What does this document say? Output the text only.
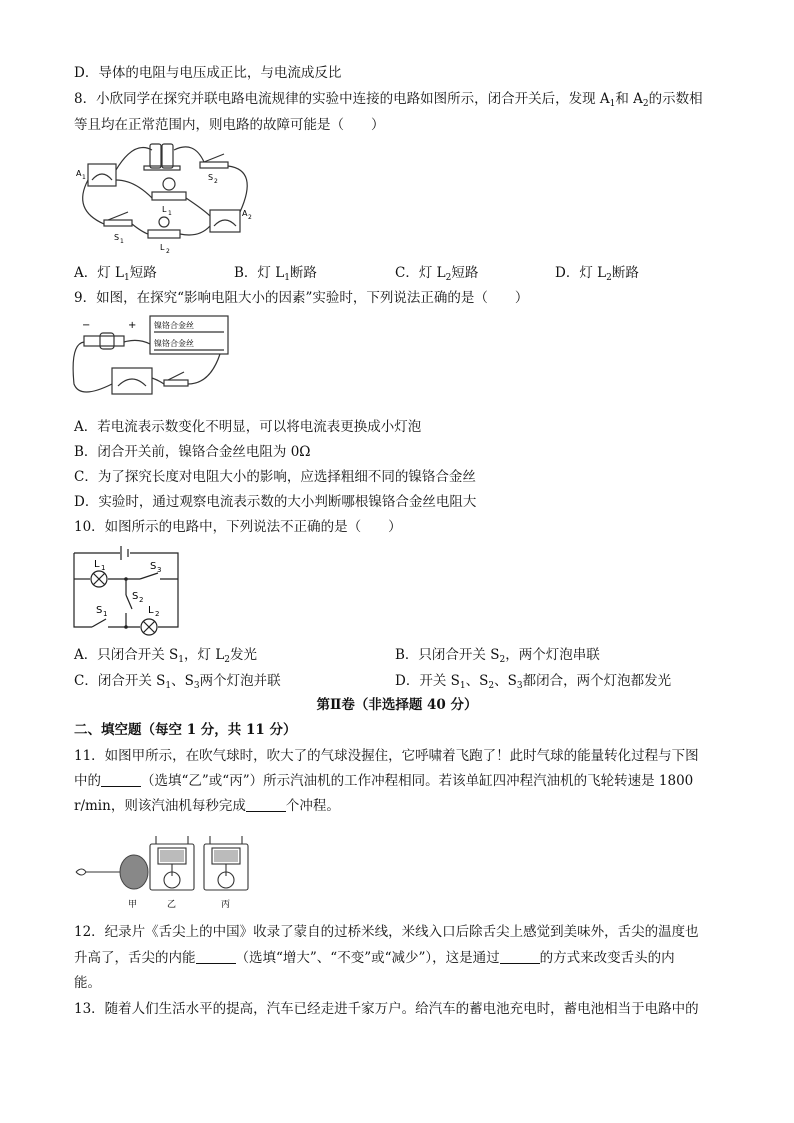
D．导体的电阻与电压成正比，与电流成反比
8．小欣同学在探究并联电路电流规律的实验中连接的电路如图所示，闭合开关后，发现 $A_1$和 $A_2$的示数相
等且均在正常范围内，则电路的故障可能是（　　）
A 1
A 2
S 2
L 1
S 1
L 2
A．灯 $L_1$短路	B．灯 $L_1$断路	C．灯 $L_2$短路	D．灯 $L_2$断路
9．如图，在探究“影响电阻大小的因素”实验时，下列说法正确的是（　　）
−	+ 镍铬合金丝
镍铬合金丝
A．若电流表示数变化不明显，可以将电流表更换成小灯泡
B．闭合开关前，镍铬合金丝电阻为 0Ω
C．为了探究长度对电阻大小的影响，应选择粗细不同的镍铬合金丝
D．实验时，通过观察电流表示数的大小判断哪根镍铬合金丝电阻大
10．如图所示的电路中，下列说法不正确的是（　　）
L 1	S 3
S 2
S 1	L 2
A．只闭合开关 $S_1$，灯 $L_2$发光	B．只闭合开关 $S_2$，两个灯泡串联
C．闭合开关 $S_1$、$S_3$两个灯泡并联	D．开关 $S_1$、$S_2$、$S_3$都闭合，两个灯泡都发光
第Ⅱ卷（非选择题 40 分）
二、填空题（每空 1 分，共 11 分）
11．如图甲所示，在吹气球时，吹大了的气球没握住，它呼啸着飞跑了！此时气球的能量转化过程与下图
中的	（选填“乙”或“丙”）所示汽油机的工作冲程相同。若该单缸四冲程汽油机的飞轮转速是 1800
r/min，则该汽油机每秒完成	个冲程。
甲	乙	丙
12．纪录片《舌尖上的中国》收录了蒙自的过桥米线，米线入口后除舌尖上感觉到美味外，舌尖的温度也
升高了，舌尖的内能	（选填“增大”、“不变”或“减少”），这是通过	的方式来改变舌头的内
能。
13．随着人们生活水平的提高，汽车已经走进千家万户。给汽车的蓄电池充电时，蓄电池相当于电路中的
